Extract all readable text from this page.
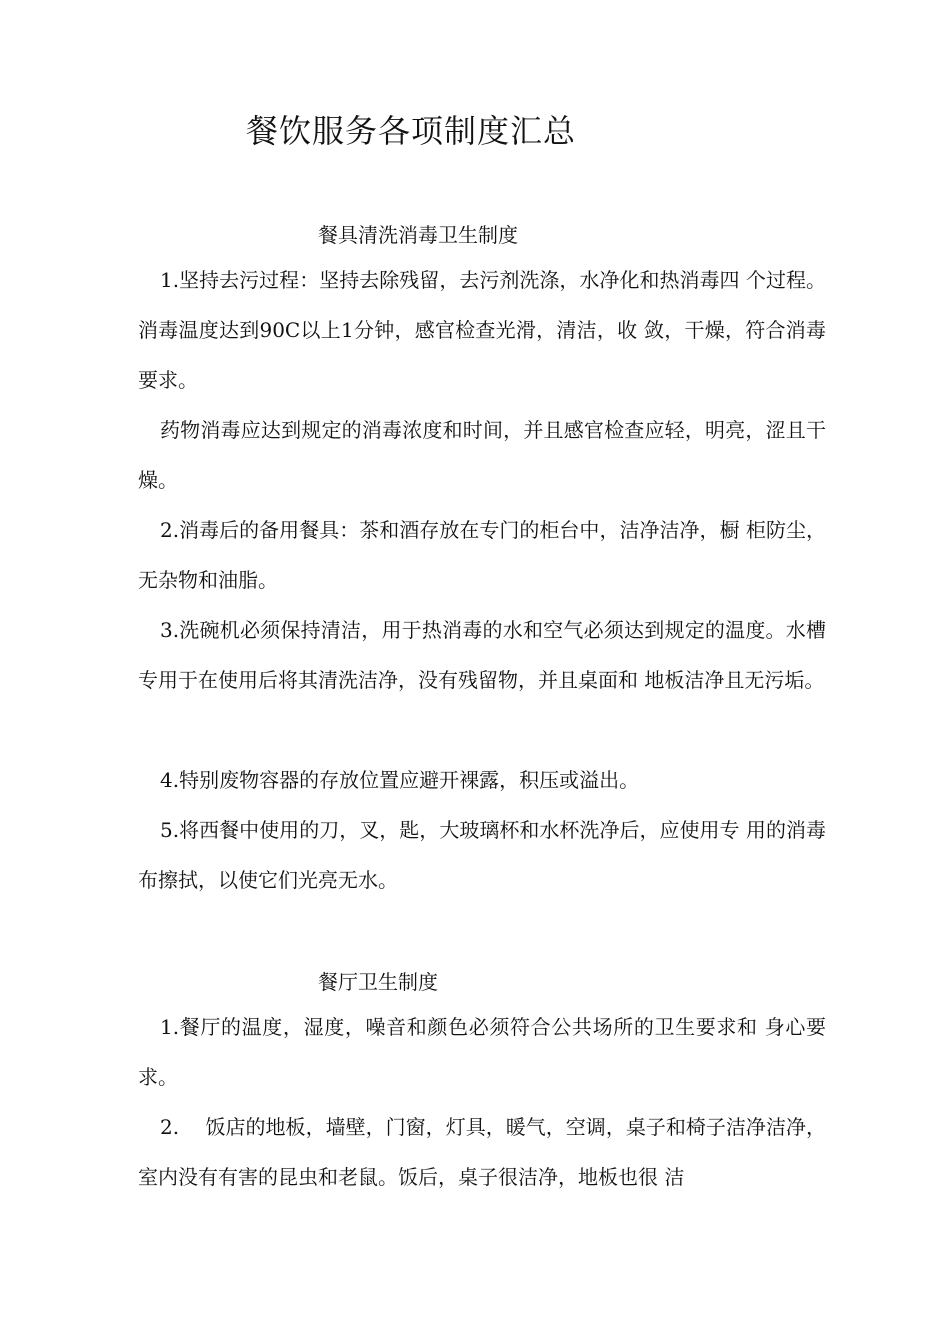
餐饮服务各项制度汇总
餐具清洗消毒卫生制度

1.坚持去污过程：坚持去除残留，去污剂洗涤，水净化和热消毒四 个过程。消毒温度达到90C以上1分钟，感官检查光滑，清洁，收 敛，干燥，符合消毒要求。

药物消毒应达到规定的消毒浓度和时间，并且感官检查应轻，明亮，涩且干燥。

2.消毒后的备用餐具：茶和酒存放在专门的柜台中，洁净洁净，橱 柜防尘，无杂物和油脂。

3.洗碗机必须保持清洁，用于热消毒的水和空气必须达到规定的温度。水槽专用于在使用后将其清洗洁净，没有残留物，并且桌面和 地板洁净且无污垢。

4.特别废物容器的存放位置应避开裸露，积压或溢出。

5.将西餐中使用的刀，叉，匙，大玻璃杯和水杯洗净后，应使用专 用的消毒布擦拭，以使它们光亮无水。

餐厅卫生制度

1.餐厅的温度，湿度，噪音和颜色必须符合公共场所的卫生要求和 身心要求。

2.　 饭店的地板，墙壁，门窗，灯具，暖气，空调，桌子和椅子洁净洁净，室内没有有害的昆虫和老鼠。饭后，桌子很洁净，地板也很 洁
